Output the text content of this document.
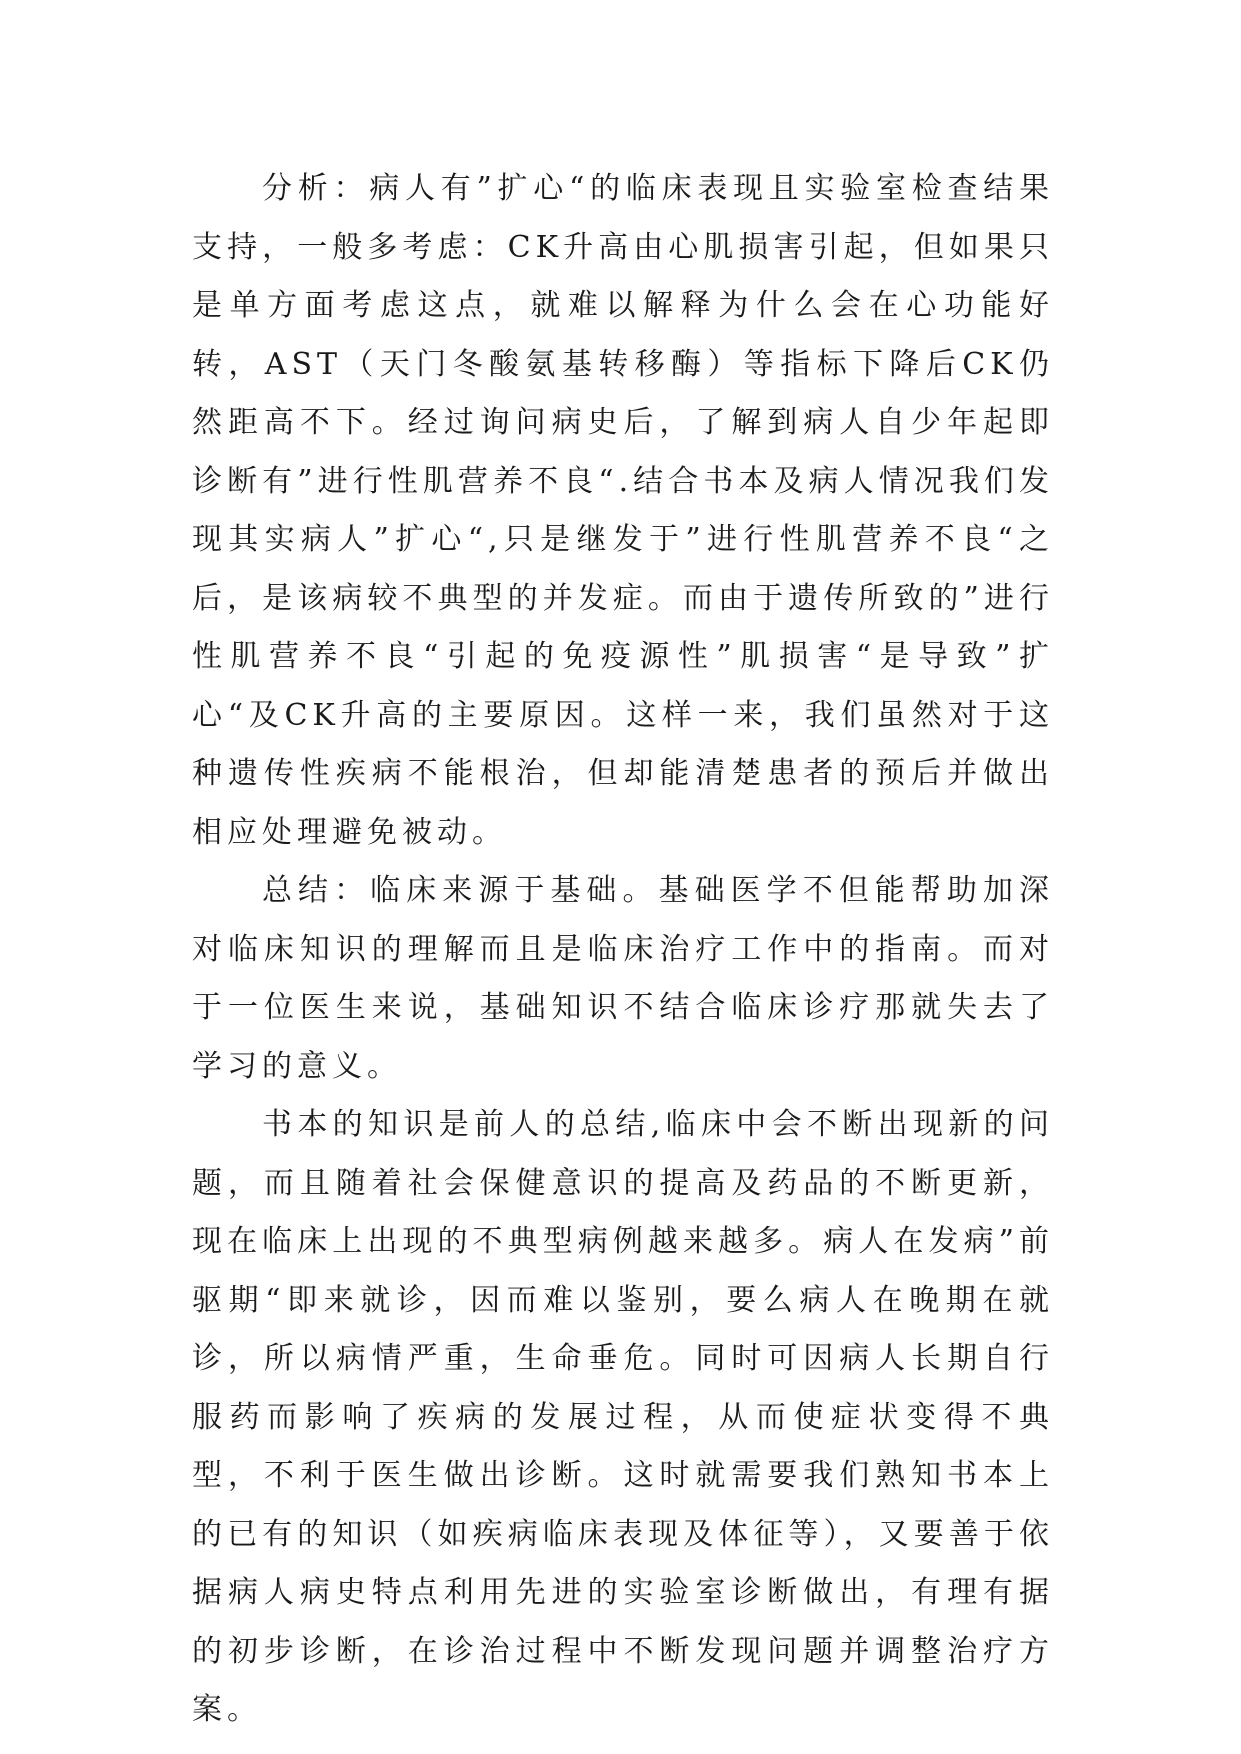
分析：病人有”扩心“的临床表现且实验室检查结果支持，一般多考虑：CK升高由心肌损害引起，但如果只是单方面考虑这点，就难以解释为什么会在心功能好转，AST（天门冬酸氨基转移酶）等指标下降后CK仍然距高不下。经过询问病史后，了解到病人自少年起即诊断有”进行性肌营养不良“.结合书本及病人情况我们发现其实病人”扩心“,只是继发于”进行性肌营养不良“之后，是该病较不典型的并发症。而由于遗传所致的”进行性肌营养不良“引起的免疫源性”肌损害“是导致”扩心“及CK升高的主要原因。这样一来，我们虽然对于这种遗传性疾病不能根治，但却能清楚患者的预后并做出相应处理避免被动。

总结：临床来源于基础。基础医学不但能帮助加深对临床知识的理解而且是临床治疗工作中的指南。而对于一位医生来说，基础知识不结合临床诊疗那就失去了学习的意义。

书本的知识是前人的总结,临床中会不断出现新的问题，而且随着社会保健意识的提高及药品的不断更新，现在临床上出现的不典型病例越来越多。病人在发病”前驱期“即来就诊，因而难以鉴别，要么病人在晚期在就诊，所以病情严重，生命垂危。同时可因病人长期自行服药而影响了疾病的发展过程，从而使症状变得不典型，不利于医生做出诊断。这时就需要我们熟知书本上的已有的知识（如疾病临床表现及体征等），又要善于依据病人病史特点利用先进的实验室诊断做出，有理有据的初步诊断，在诊治过程中不断发现问题并调整治疗方案。
